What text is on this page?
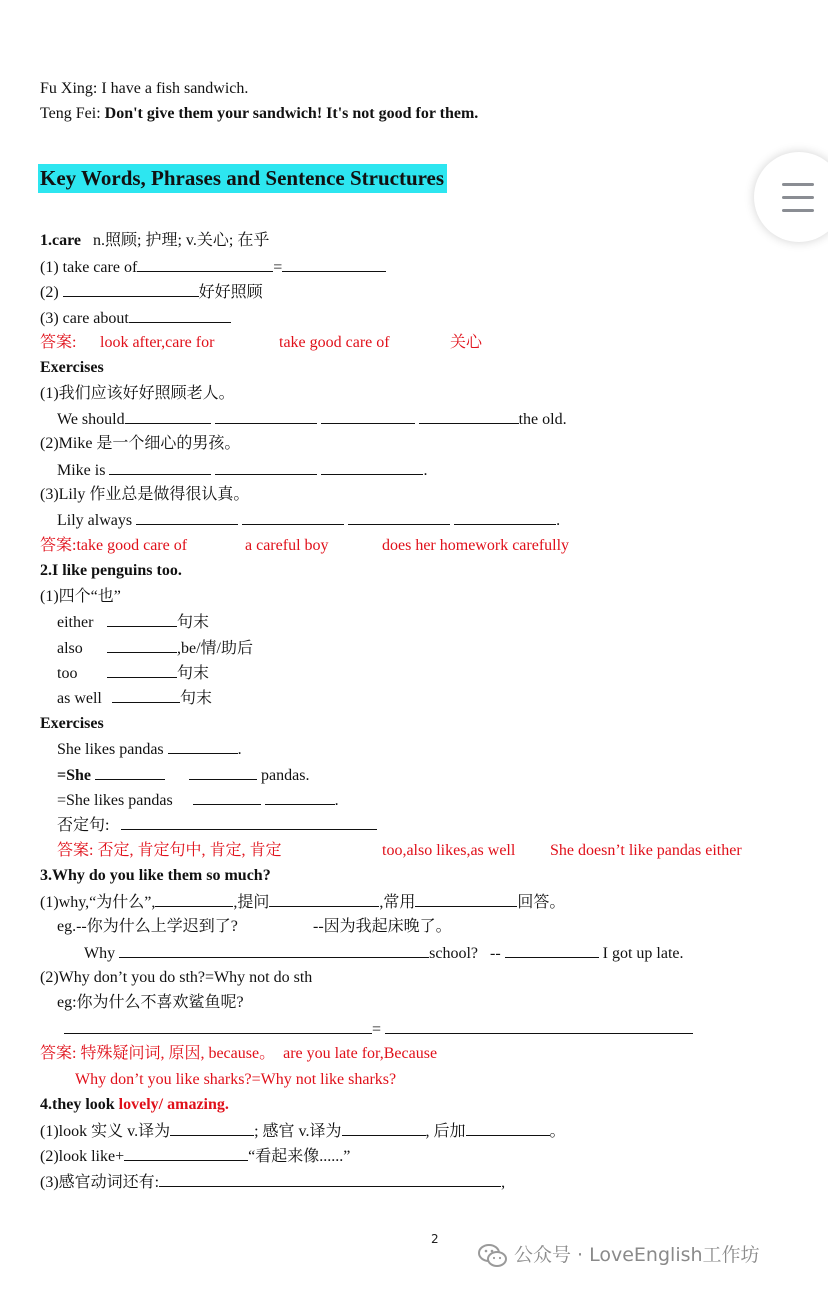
Fu Xing: I have a fish sandwich.
Teng Fei: Don't give them your sandwich! It's not good for them.
Key Words, Phrases and Sentence Structures
1.care n.照顾; 护理; v.关心; 在乎
(1) take care of	=
(2)	好好照顾
(3) care about
答案: look after,care for	take good care of	关心
Exercises
(1)我们应该好好照顾老人。
We should	the old.
(2)Mike 是一个细心的男孩。
Mike is	.
(3)Lily 作业总是做得很认真。
Lily always	.
答案:take good care of	a careful boy	does her homework carefully
2.I like penguins too.
(1)四个“也”
either	句末
also	,be/情/助后
too	句末
as well	句末
Exercises
She likes pandas	.
=She	pandas.
=She likes pandas	.
否定句:
答案: 否定, 肯定句中, 肯定, 肯定	too,also likes,as well She doesn’t like pandas either
3.Why do you like them so much?
(1)why,“为什么”,	,提问	,常用	回答。
eg.--你为什么上学迟到了?	--因为我起床晚了。
Why	school? --	I got up late.
(2)Why don’t you do sth?=Why not do sth
eg:你为什么不喜欢鲨鱼呢?
=
答案: 特殊疑问词, 原因, because。 are you late for,Because
Why don’t you like sharks?=Why not like sharks?
4.they look lovely/ amazing.
(1)look 实义 v.译为	; 感官 v.译为	, 后加	。
(2)look like+	“看起来像......”
(3)感官动词还有:	,
2
公众号 · LoveEnglish工作坊
